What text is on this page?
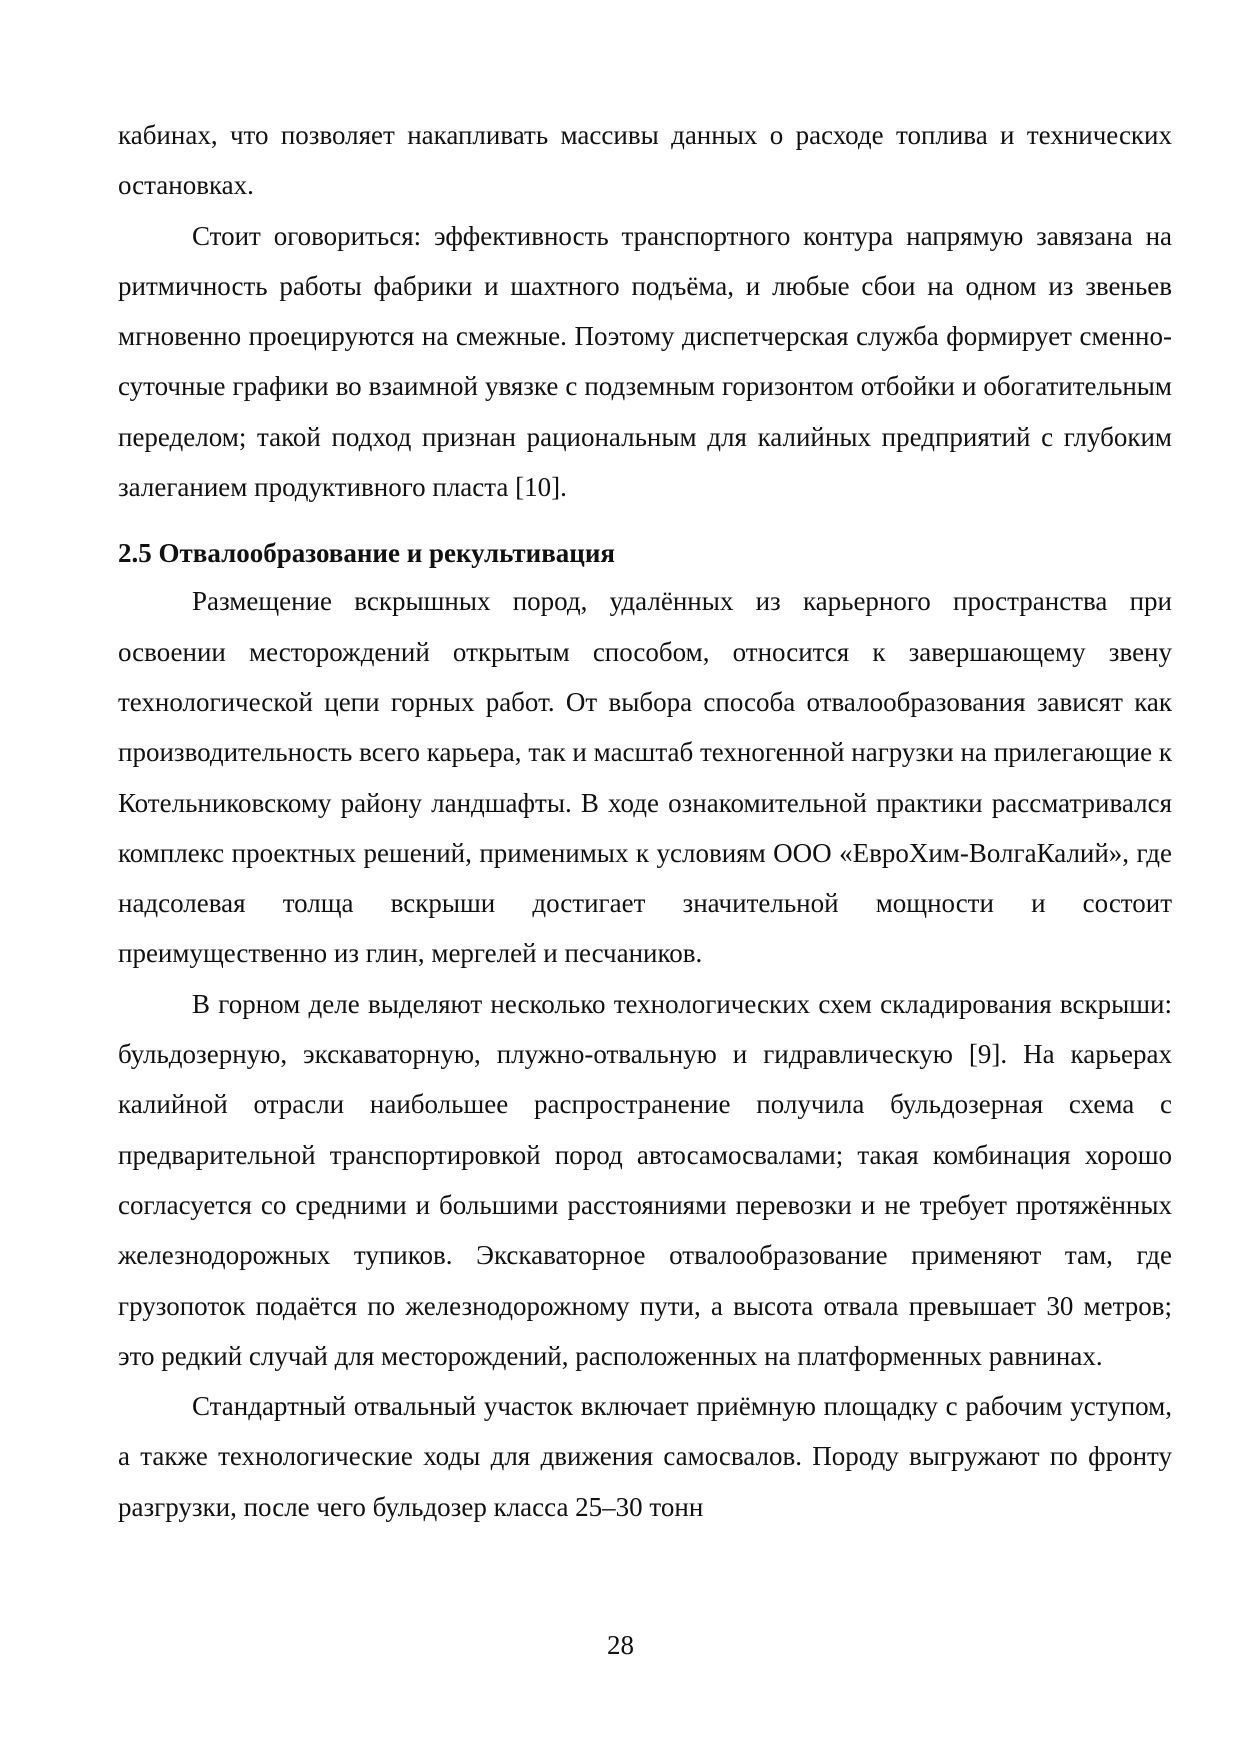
кабинах, что позволяет накапливать массивы данных о расходе топлива и технических остановках.

Стоит оговориться: эффективность транспортного контура напрямую завязана на ритмичность работы фабрики и шахтного подъёма, и любые сбои на одном из звеньев мгновенно проецируются на смежные. Поэтому диспетчерская служба формирует сменно-суточные графики во взаимной увязке с подземным горизонтом отбойки и обогатительным переделом; такой подход признан рациональным для калийных предприятий с глубоким залеганием продуктивного пласта [10].

2.5 Отвалообразование и рекультивация

Размещение вскрышных пород, удалённых из карьерного пространства при освоении месторождений открытым способом, относится к завершающему звену технологической цепи горных работ. От выбора способа отвалообразования зависят как производительность всего карьера, так и масштаб техногенной нагрузки на прилегающие к Котельниковскому району ландшафты. В ходе ознакомительной практики рассматривался комплекс проектных решений, применимых к условиям ООО «ЕвроХим-ВолгаКалий», где надсолевая толща вскрыши достигает значительной мощности и состоит преимущественно из глин, мергелей и песчаников.

В горном деле выделяют несколько технологических схем складирования вскрыши: бульдозерную, экскаваторную, плужно-отвальную и гидравлическую [9]. На карьерах калийной отрасли наибольшее распространение получила бульдозерная схема с предварительной транспортировкой пород автосамосвалами; такая комбинация хорошо согласуется со средними и большими расстояниями перевозки и не требует протяжённых железнодорожных тупиков. Экскаваторное отвалообразование применяют там, где грузопоток подаётся по железнодорожному пути, а высота отвала превышает 30 метров; это редкий случай для месторождений, расположенных на платформенных равнинах.

Стандартный отвальный участок включает приёмную площадку с рабочим уступом, а также технологические ходы для движения самосвалов. Породу выгружают по фронту разгрузки, после чего бульдозер класса 25–30 тонн

28
